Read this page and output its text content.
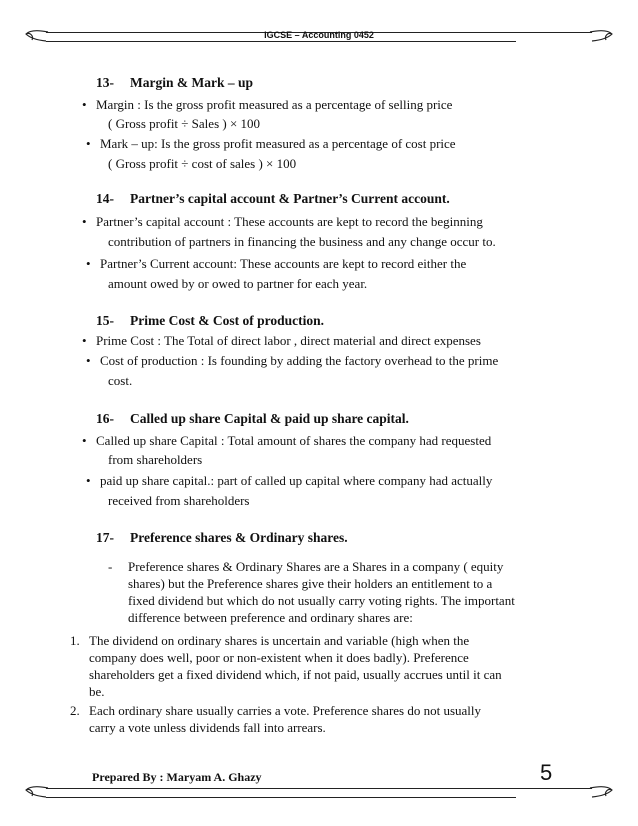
IGCSE – Accounting 0452
13- Margin & Mark – up
• Margin : Is the gross profit measured as a percentage of selling price
( Gross profit ÷ Sales ) × 100
• Mark – up: Is the gross profit measured as a percentage of cost price
( Gross profit ÷ cost of sales ) × 100
14- Partner’s capital account & Partner’s Current account.
• Partner’s capital account : These accounts are kept to record the beginning
contribution of partners in financing the business and any change occur to.
• Partner’s Current account: These accounts are kept to record either the
amount owed by or owed to partner for each year.
15- Prime Cost & Cost of production.
• Prime Cost : The Total of direct labor , direct material and direct expenses
• Cost of production : Is founding by adding the factory overhead to the prime
cost.
16- Called up share Capital & paid up share capital.
• Called up share Capital : Total amount of shares the company had requested
from shareholders
• paid up share capital.: part of called up capital where company had actually
received from shareholders
17- Preference shares & Ordinary shares.
- Preference shares & Ordinary Shares are a Shares in a company ( equity
shares) but the Preference shares give their holders an entitlement to a
fixed dividend but which do not usually carry voting rights. The important
difference between preference and ordinary shares are:
1. The dividend on ordinary shares is uncertain and variable (high when the
company does well, poor or non-existent when it does badly). Preference
shareholders get a fixed dividend which, if not paid, usually accrues until it can
be.
2. Each ordinary share usually carries a vote. Preference shares do not usually
carry a vote unless dividends fall into arrears.
Prepared By : Maryam A. Ghazy	5
